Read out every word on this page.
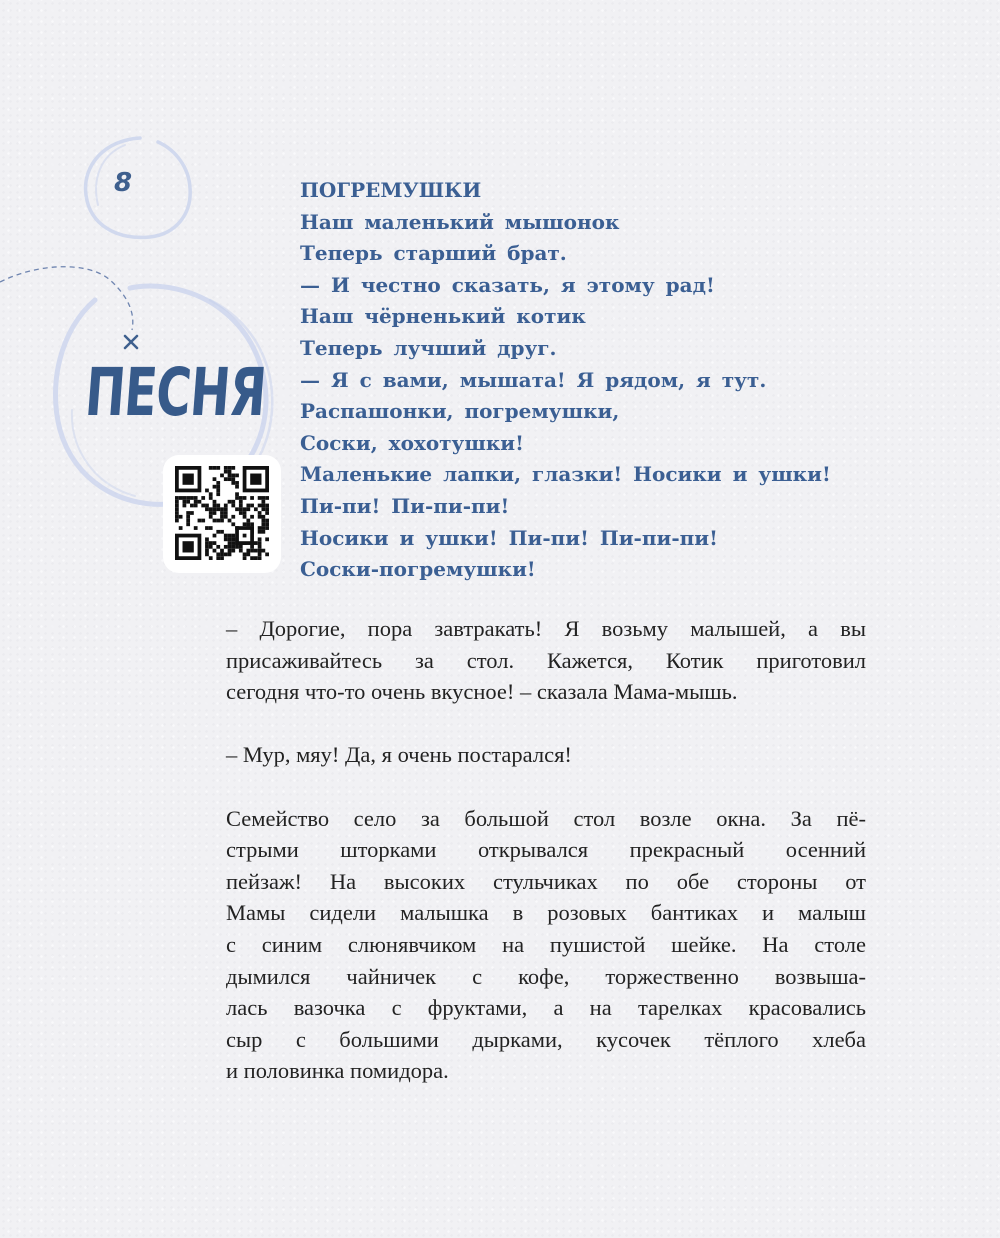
8
ПЕСНЯ
ПОГРЕМУШКИ
Наш маленький мышонок
Теперь старший брат.
— И честно сказать, я этому рад!
Наш чёрненький котик
Теперь лучший друг.
— Я с вами, мышата! Я рядом, я тут.
Распашонки, погремушки,
Соски, хохотушки!
Маленькие лапки, глазки! Носики и ушки!
Пи-пи! Пи-пи-пи!
Носики и ушки! Пи-пи! Пи-пи-пи!
Соски-погремушки!

– Дорогие, пора завтракать! Я возьму малышей, а вы
присаживайтесь за стол. Кажется, Котик приготовил
сегодня что-то очень вкусное! – сказала Мама-мышь.

– Мур, мяу! Да, я очень постарался!

Семейство село за большой стол возле окна. За пё-
стрыми шторками открывался прекрасный осенний
пейзаж! На высоких стульчиках по обе стороны от
Мамы сидели малышка в розовых бантиках и малыш
с синим слюнявчиком на пушистой шейке. На столе
дымился чайничек с кофе, торжественно возвыша-
лась вазочка с фруктами, а на тарелках красовались
сыр с большими дырками, кусочек тёплого хлеба
и половинка помидора.
